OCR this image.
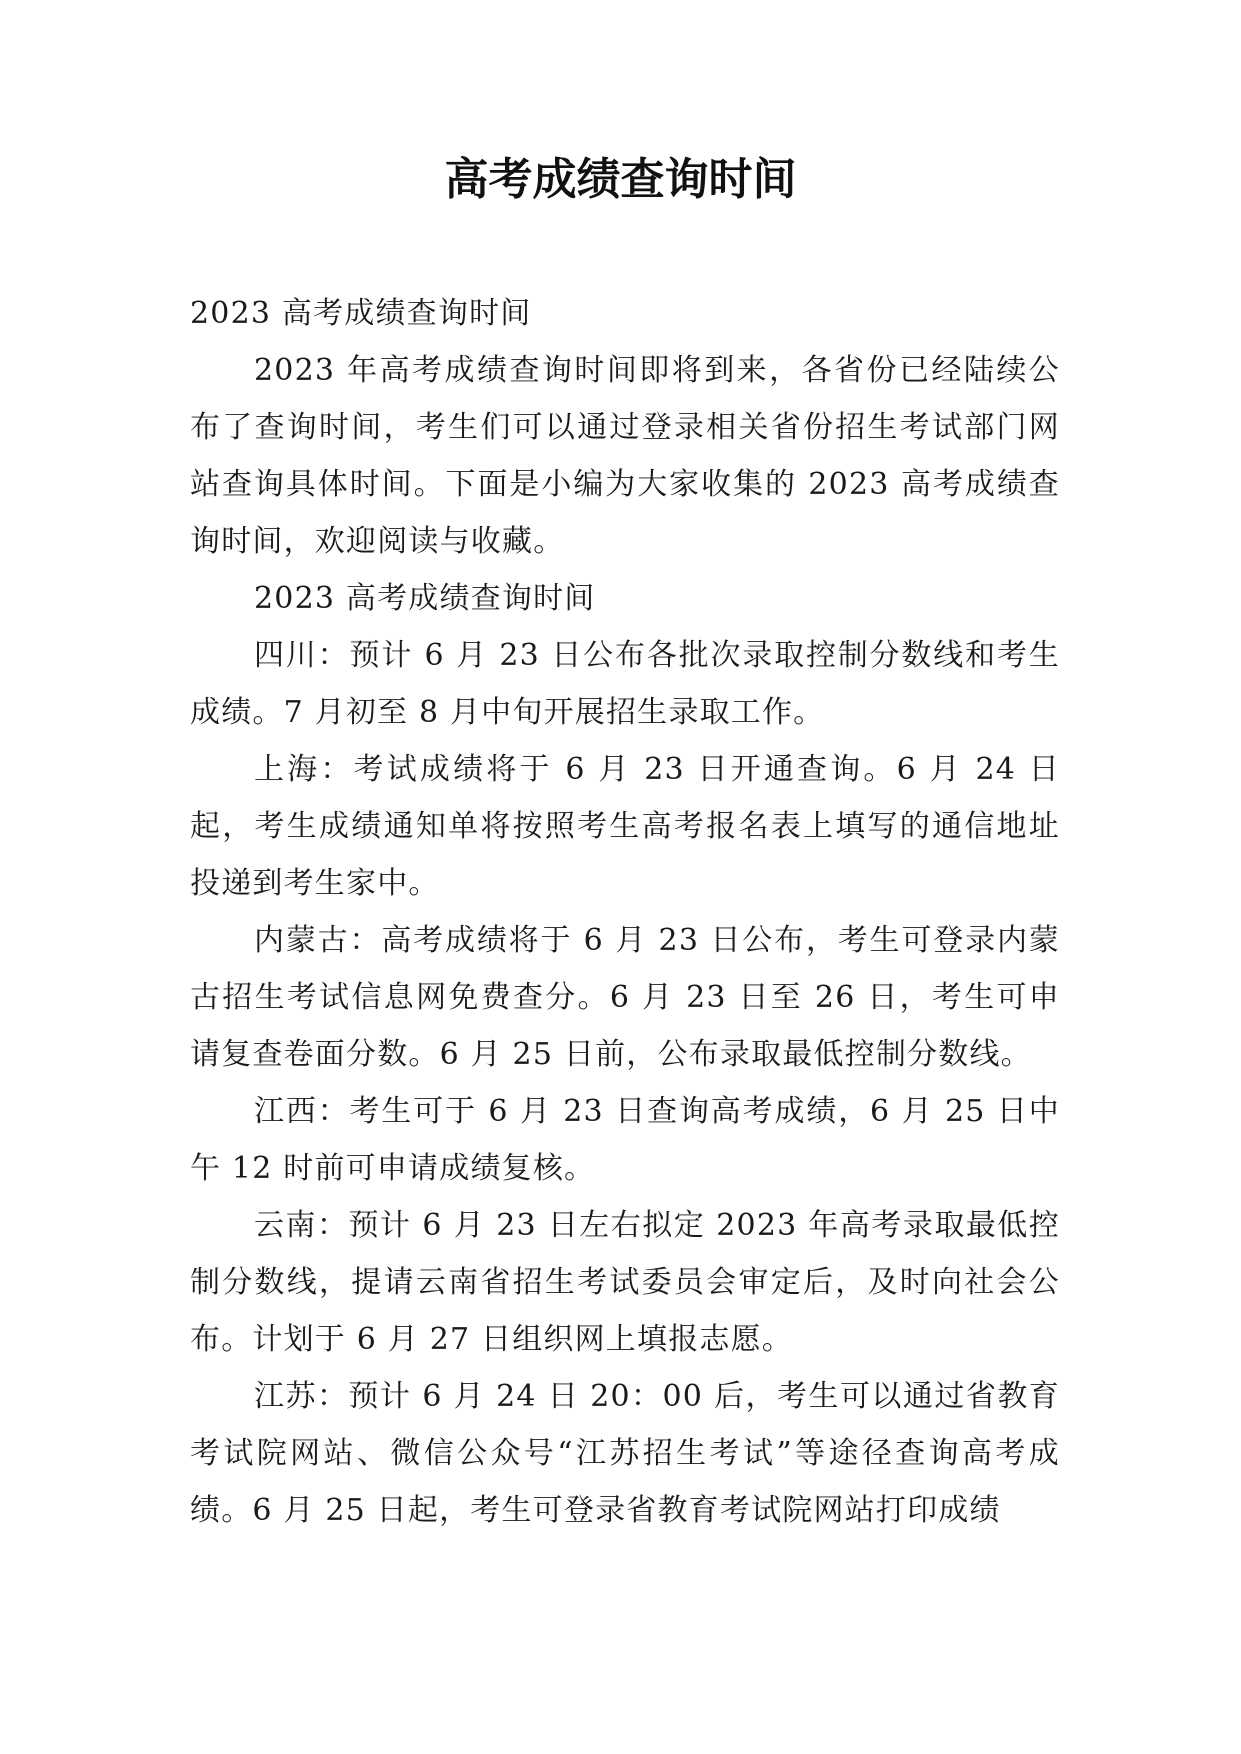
高考成绩查询时间

2023 高考成绩查询时间

2023 年高考成绩查询时间即将到来，各省份已经陆续公布了查询时间，考生们可以通过登录相关省份招生考试部门网站查询具体时间。下面是小编为大家收集的 2023 高考成绩查询时间，欢迎阅读与收藏。

2023 高考成绩查询时间

四川：预计 6 月 23 日公布各批次录取控制分数线和考生成绩。7 月初至 8 月中旬开展招生录取工作。

上海：考试成绩将于 6 月 23 日开通查询。6 月 24 日起，考生成绩通知单将按照考生高考报名表上填写的通信地址投递到考生家中。

内蒙古：高考成绩将于 6 月 23 日公布，考生可登录内蒙古招生考试信息网免费查分。6 月 23 日至 26 日，考生可申请复查卷面分数。6 月 25 日前，公布录取最低控制分数线。

江西：考生可于 6 月 23 日查询高考成绩，6 月 25 日中午 12 时前可申请成绩复核。

云南：预计 6 月 23 日左右拟定 2023 年高考录取最低控制分数线，提请云南省招生考试委员会审定后，及时向社会公布。计划于 6 月 27 日组织网上填报志愿。

江苏：预计 6 月 24 日 20：00 后，考生可以通过省教育考试院网站、微信公众号“江苏招生考试”等途径查询高考成绩。6 月 25 日起，考生可登录省教育考试院网站打印成绩
